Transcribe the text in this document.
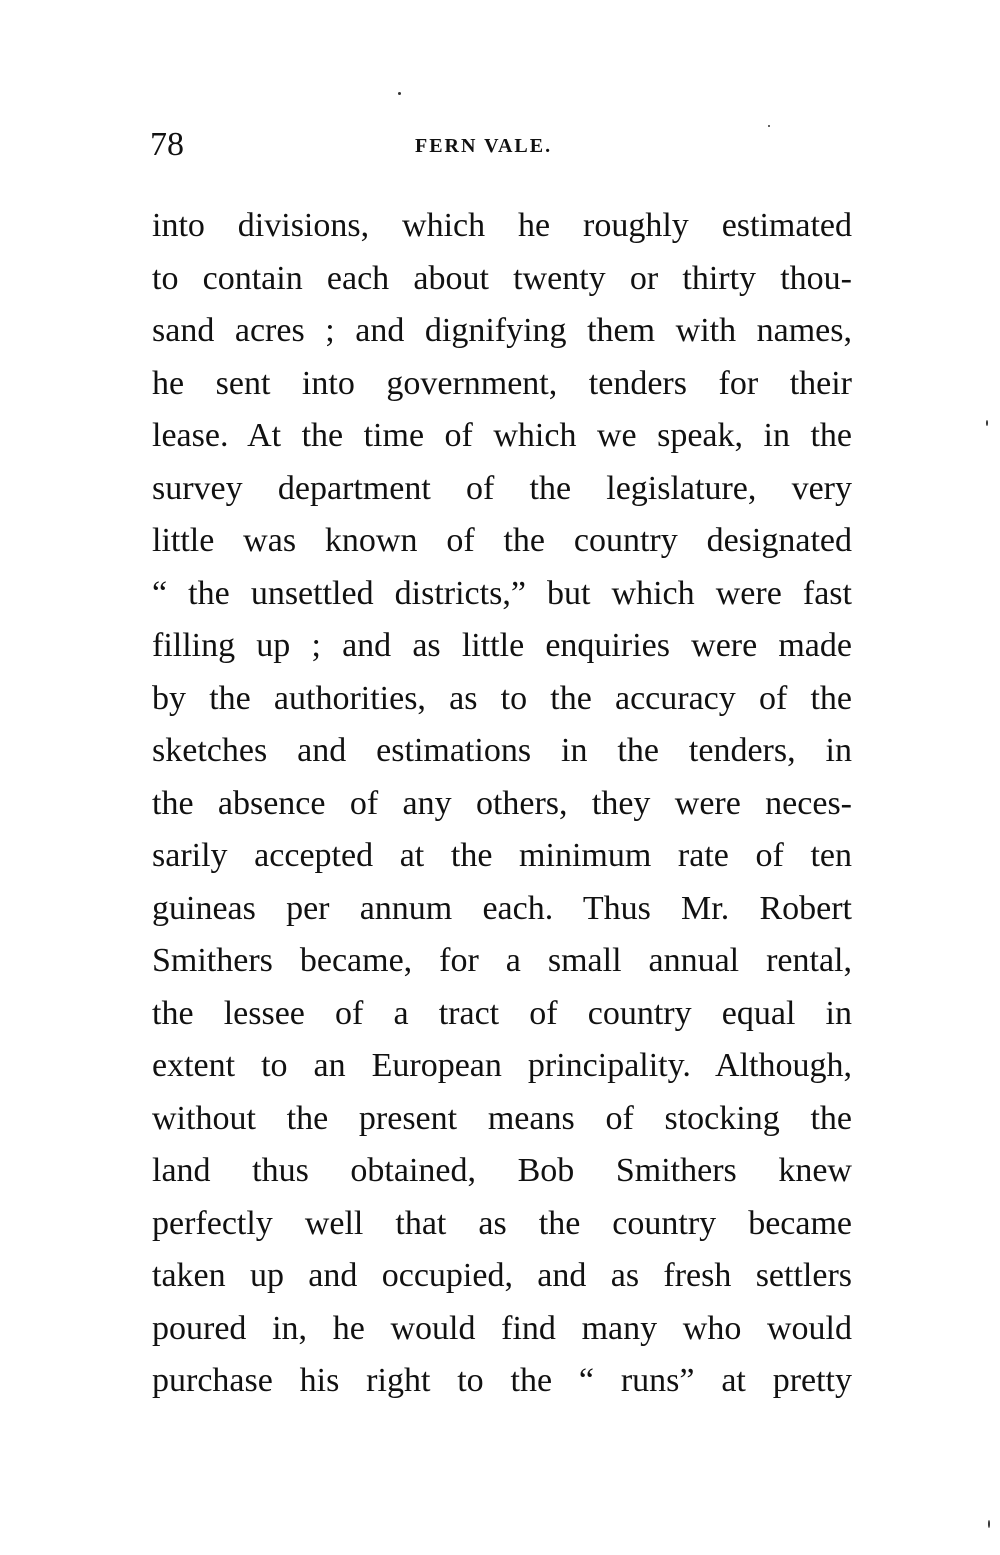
78	FERN VALE.
into divisions, which he roughly estimated
to contain each about twenty or thirty thou-
sand acres ; and dignifying them with names,
he sent into government, tenders for their
lease. At the time of which we speak, in the
survey department of the legislature, very
little was known of the country designated
“ the unsettled districts,” but which were fast
filling up ; and as little enquiries were made
by the authorities, as to the accuracy of the
sketches and estimations in the tenders, in
the absence of any others, they were neces-
sarily accepted at the minimum rate of ten
guineas per annum each. Thus Mr. Robert
Smithers became, for a small annual rental,
the lessee of a tract of country equal in
extent to an European principality. Although,
without the present means of stocking the
land thus obtained, Bob Smithers knew
perfectly well that as the country became
taken up and occupied, and as fresh settlers
poured in, he would find many who would
purchase his right to the “ runs” at pretty
